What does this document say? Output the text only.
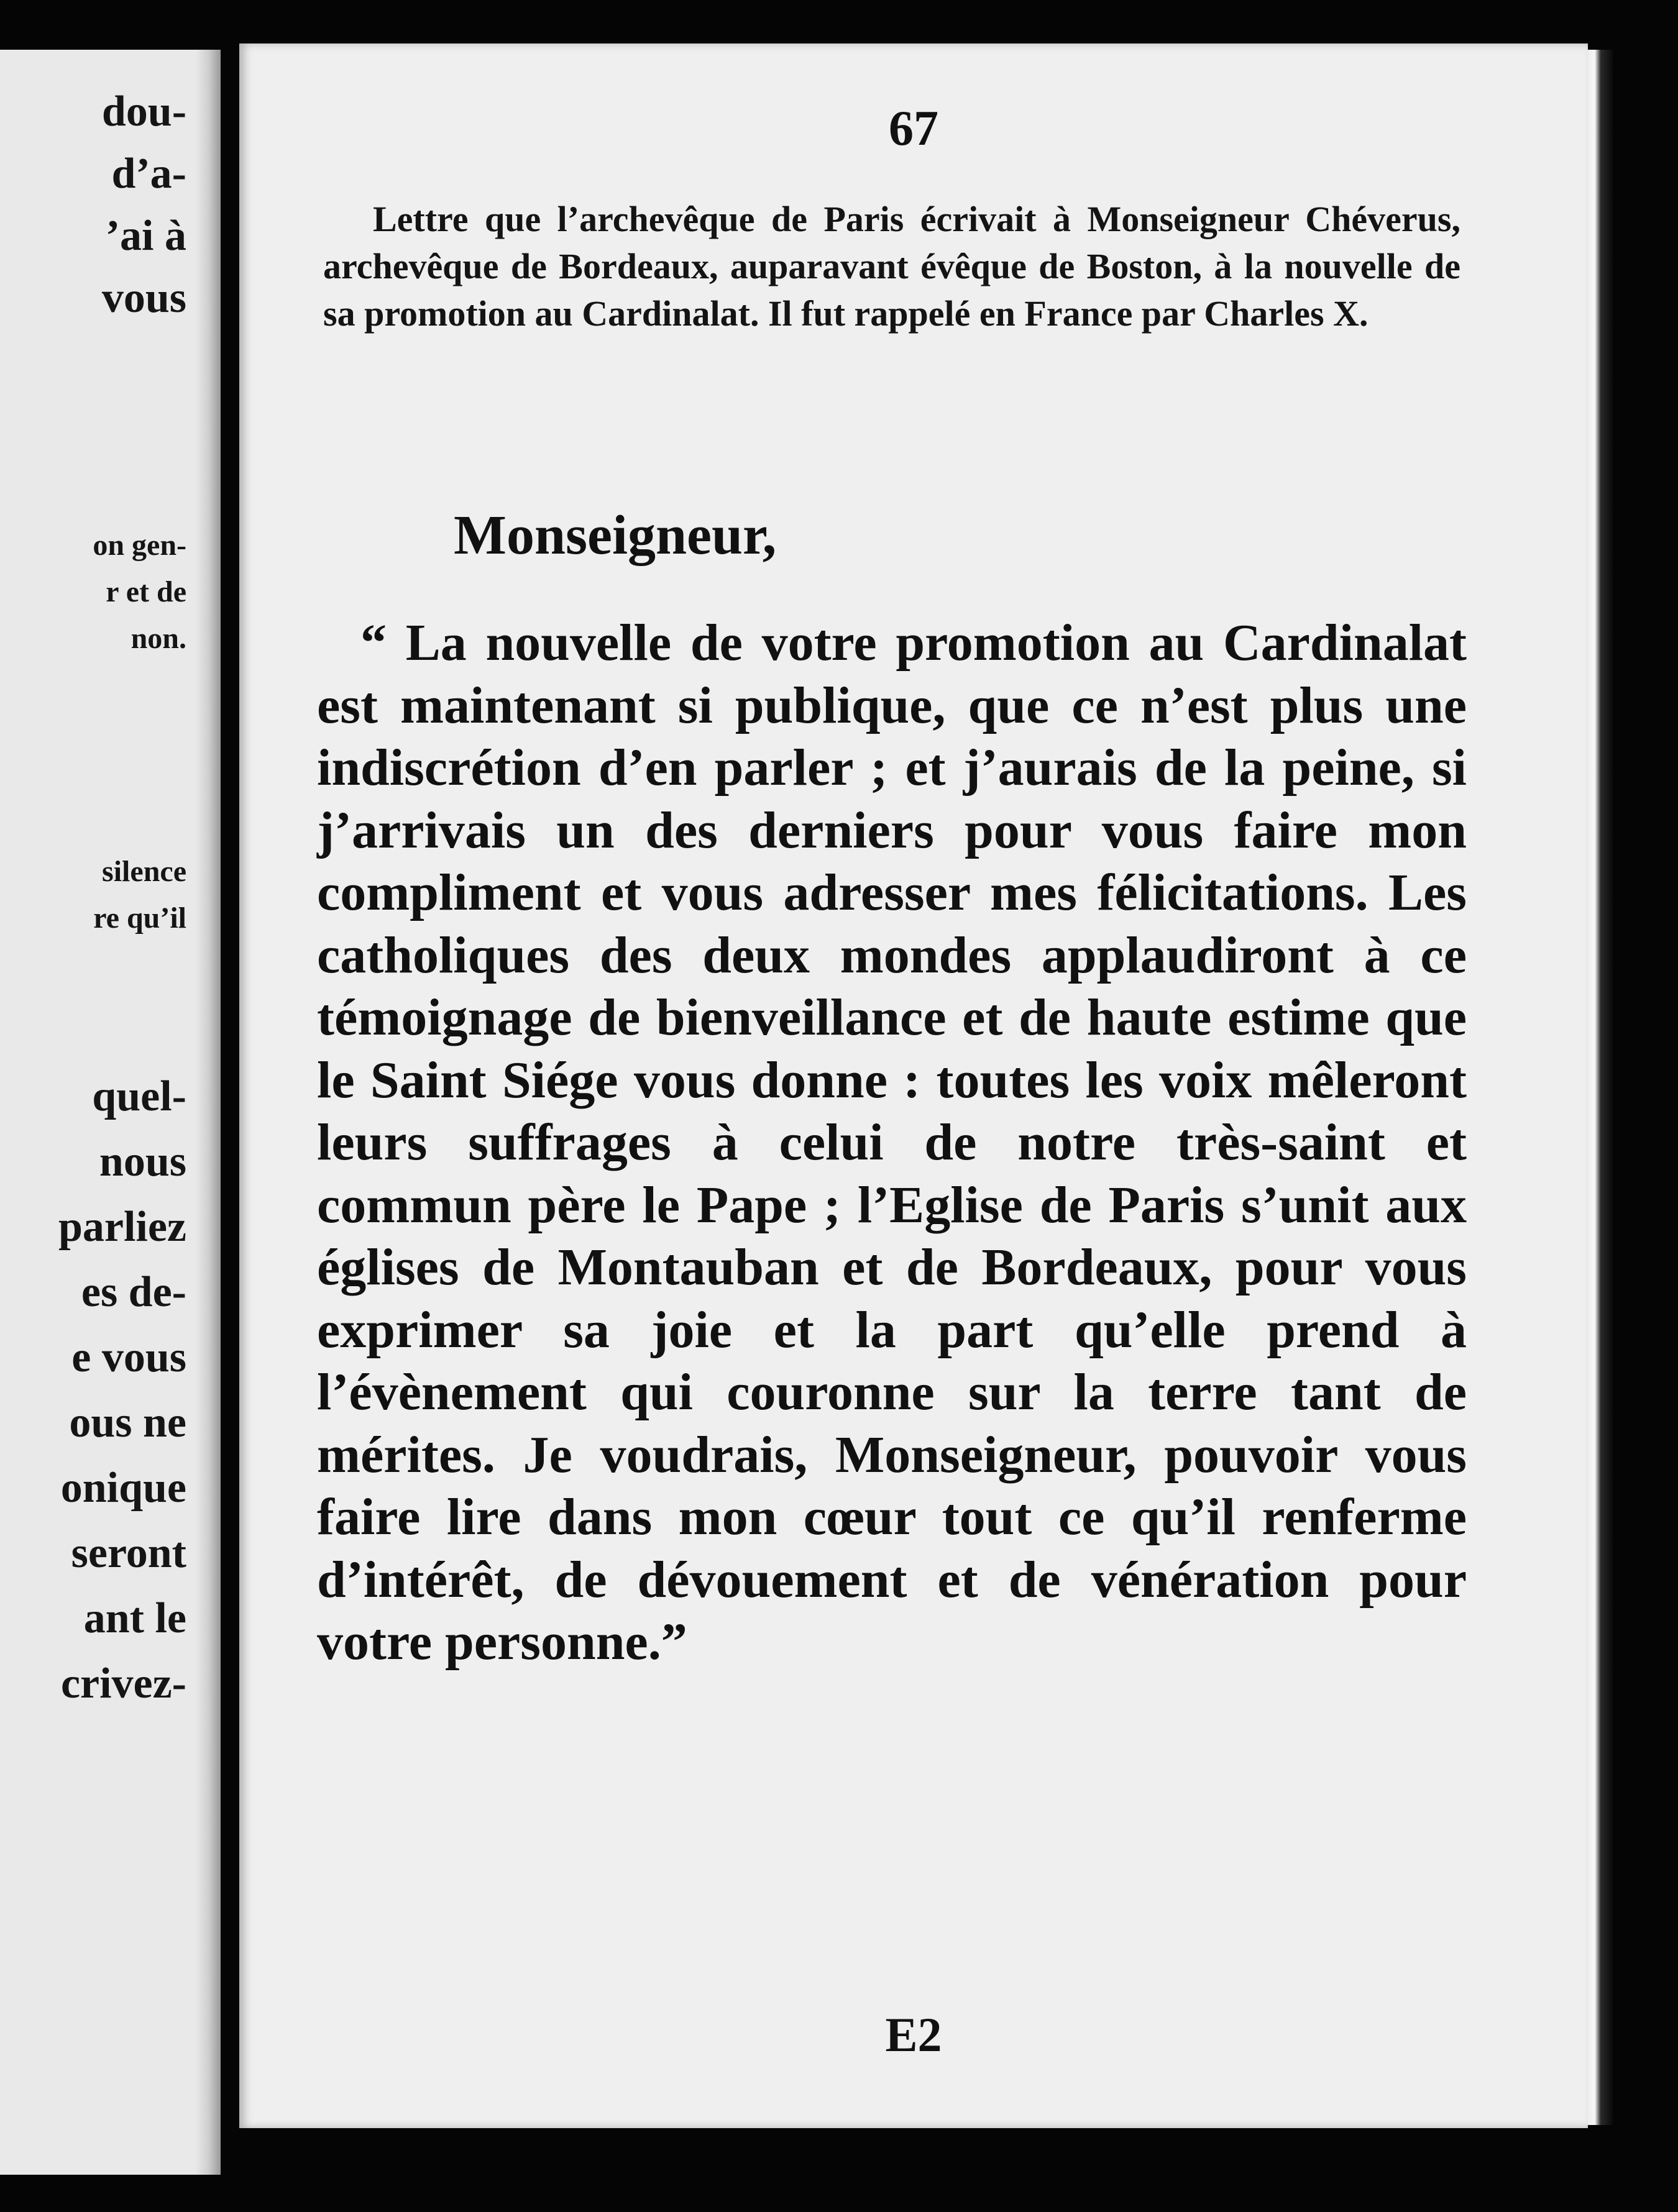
dou-
d’a-
’ai à
vous
on gen-
r et de
non.
silence
re qu’il
quel-
nous
parliez
es de-
e vous
ous ne
onique
seront
ant le
crivez-
67

Lettre que l’archevêque de Paris écrivait à Monseigneur Chéverus, archevêque de Bordeaux, auparavant évêque de Boston, à la nouvelle de sa promotion au Cardinalat. Il fut rappelé en France par Charles X.

Monseigneur,

“ La nouvelle de votre promotion au Cardinalat est maintenant si publique, que ce n’est plus une indiscrétion d’en parler ; et j’aurais de la peine, si j’arrivais un des derniers pour vous faire mon compliment et vous adresser mes félicitations. Les catholiques des deux mondes applaudiront à ce témoignage de bienveillance et de haute estime que le Saint Siége vous donne : toutes les voix mêleront leurs suffrages à celui de notre très-saint et commun père le Pape ; l’Eglise de Paris s’unit aux églises de Montauban et de Bordeaux, pour vous exprimer sa joie et la part qu’elle prend à l’évènement qui couronne sur la terre tant de mérites. Je voudrais, Monseigneur, pouvoir vous faire lire dans mon cœur tout ce qu’il renferme d’intérêt, de dévouement et de vénération pour votre personne.”

E2
